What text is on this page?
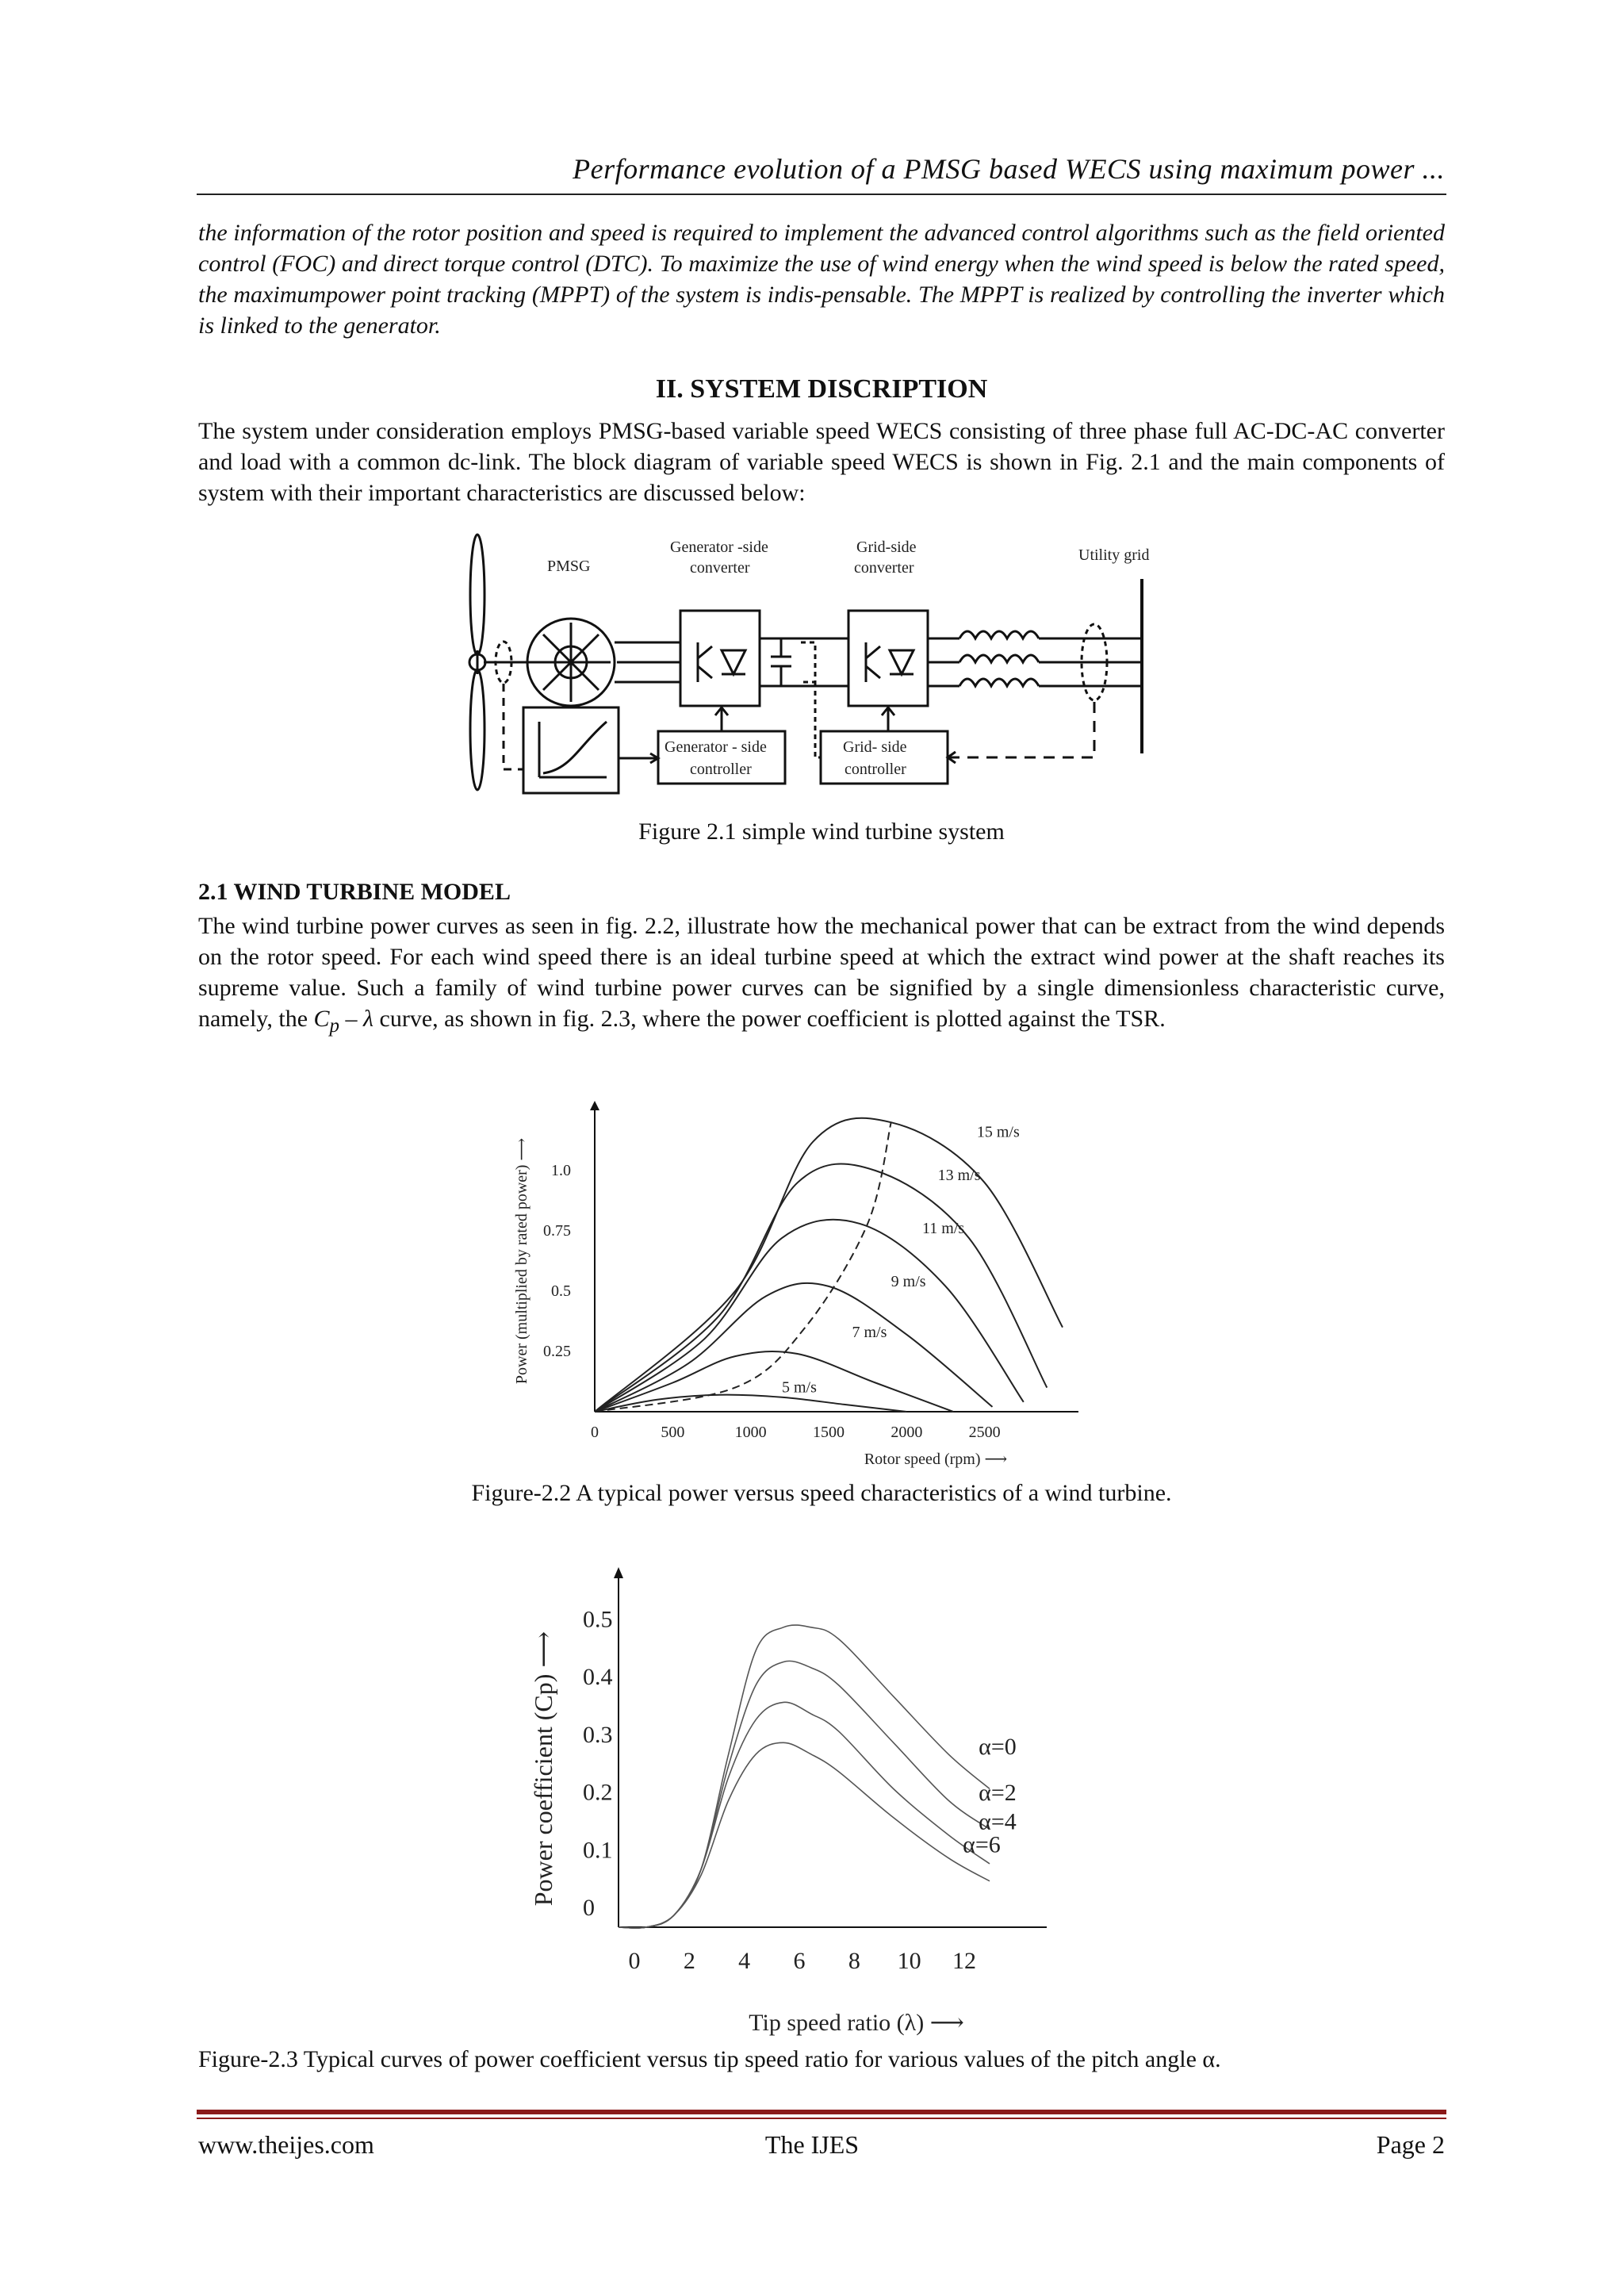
Performance evolution of a PMSG based WECS using maximum power ...
the information of the rotor position and speed is required to implement the advanced control algorithms such as the field oriented control (FOC) and direct torque control (DTC). To maximize the use of wind energy when the wind speed is below the rated speed, the maximumpower point tracking (MPPT) of the system is indis-pensable. The MPPT is realized by controlling the inverter which is linked to the generator.
II. SYSTEM DISCRIPTION
The system under consideration employs PMSG-based variable speed WECS consisting of three phase full AC-DC-AC converter and load with a common dc-link. The block diagram of variable speed WECS is shown in Fig. 2.1 and the main components of system with their important characteristics are discussed below:
PMSG
Generator -side
converter
Grid-side
converter
Utility grid
Generator - side
controller
Grid- side
controller
Figure 2.1 simple wind turbine system
2.1 WIND TURBINE MODEL
The wind turbine power curves as seen in fig. 2.2, illustrate how the mechanical power that can be extract from the wind depends on the rotor speed. For each wind speed there is an ideal turbine speed at which the extract wind power at the shaft reaches its supreme value. Such a family of wind turbine power curves can be signified by a single dimensionless characteristic curve, namely, the $C_p$ – λ curve, as shown in fig. 2.3, where the power coefficient is plotted against the TSR.
0	500	1000	1500	2000	2500
0.25
0.5
0.75
1.0
Rotor speed (rpm) ⟶
Power (multiplied by rated power) ⟶
15 m/s
13 m/s
11 m/s
9 m/s
7 m/s
5 m/s
Figure-2.2 A typical power versus speed characteristics of a wind turbine.
0 2 4 6 8 10 12
0
0.1
0.2
0.3
0.4
0.5
Tip speed ratio (λ) ⟶
Power coefficient (Cp) ⟶	α=0
α=2
α=4
α=6
Figure-2.3 Typical curves of power coefficient versus tip speed ratio for various values of the pitch angle α.
www.theijes.com	The IJES	Page 2
